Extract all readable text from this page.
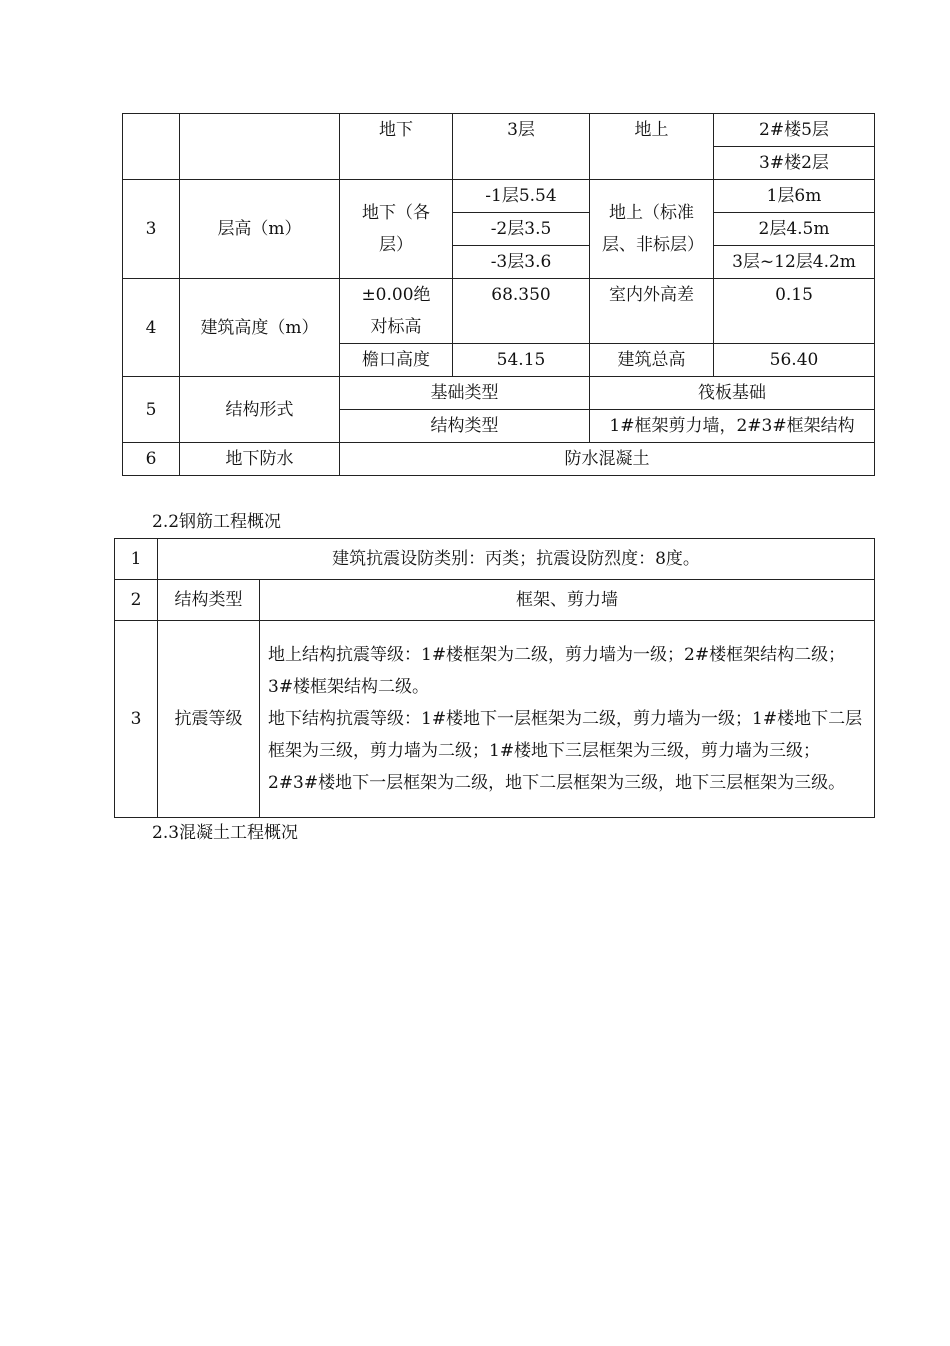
		地下	3层	地上	2#楼5层
					3#楼2层
3	层高（m）	地下（各层）	-1层5.54	地上（标准层、非标层）	1层6m
			-2层3.5		2层4.5m
			-3层3.6		3层~12层4.2m
4	建筑高度（m）	±0.00绝对标高	68.350	室内外高差	0.15
		檐口高度	54.15	建筑总高	56.40
5	结构形式	基础类型		筏板基础	
		结构类型		1#框架剪力墙，2#3#框架结构	
6	地下防水	防水混凝土			
2.2钢筋工程概况
1	建筑抗震设防类别：丙类；抗震设防烈度：8度。	
2	结构类型	框架、剪力墙
3	抗震等级	地上结构抗震等级：1#楼框架为二级，剪力墙为一级；2#楼框架结构二级；3#楼框架结构二级。

地下结构抗震等级：1#楼地下一层框架为二级，剪力墙为一级；1#楼地下二层框架为三级，剪力墙为二级；1#楼地下三层框架为三级，剪力墙为三级；2#3#楼地下一层框架为二级，地下二层框架为三级，地下三层框架为三级。

2.3混凝土工程概况
